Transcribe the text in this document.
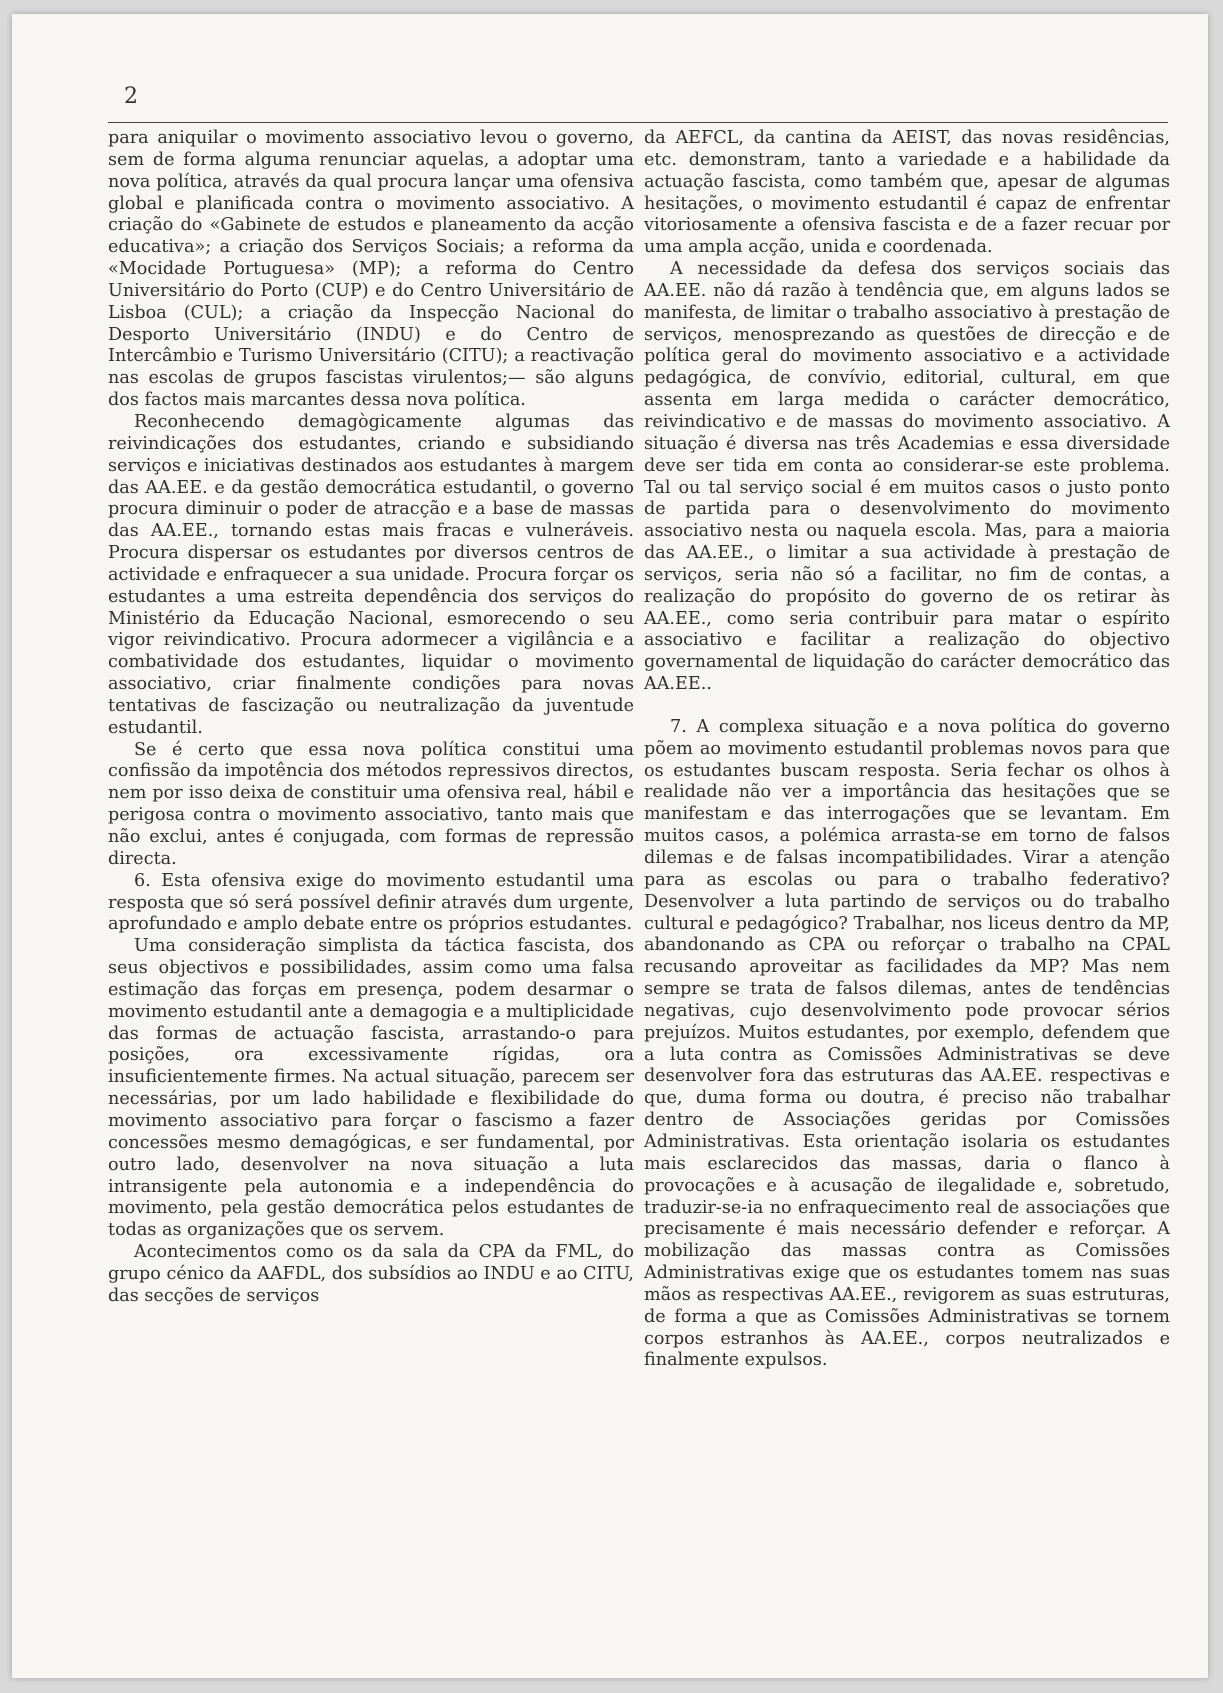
2

para aniquilar o movimento associativo levou o governo, sem de forma alguma renunciar aquelas, a adoptar uma nova política, através da qual procura lançar uma ofensiva global e planificada contra o movimento associativo. A criação do «Gabinete de estudos e planeamento da acção educativa»; a criação dos Serviços Sociais; a reforma da «Mocidade Portuguesa» (MP); a reforma do Centro Universitário do Porto (CUP) e do Centro Universitário de Lisboa (CUL); a criação da Inspecção Nacional do Desporto Universitário (INDU) e do Centro de Intercâmbio e Turismo Universitário (CITU); a reactivação nas escolas de grupos fascistas virulentos;— são alguns dos factos mais marcantes dessa nova política.

Reconhecendo demagògicamente algumas das reivindicações dos estudantes, criando e subsidiando serviços e iniciativas destinados aos estudantes à margem das AA.EE. e da gestão democrática estudantil, o governo procura diminuir o poder de atracção e a base de massas das AA.EE., tornando estas mais fracas e vulneráveis. Procura dispersar os estudantes por diversos centros de actividade e enfraquecer a sua unidade. Procura forçar os estudantes a uma estreita dependência dos serviços do Ministério da Educação Nacional, esmorecendo o seu vigor reivindicativo. Procura adormecer a vigilância e a combatividade dos estudantes, liquidar o movimento associativo, criar finalmente condições para novas tentativas de fascização ou neutralização da juventude estudantil.

Se é certo que essa nova política constitui uma confissão da impotência dos métodos repressivos directos, nem por isso deixa de constituir uma ofensiva real, hábil e perigosa contra o movimento associativo, tanto mais que não exclui, antes é conjugada, com formas de repressão directa.

6. Esta ofensiva exige do movimento estudantil uma resposta que só será possível definir através dum urgente, aprofundado e amplo debate entre os próprios estudantes.

Uma consideração simplista da táctica fascista, dos seus objectivos e possibilidades, assim como uma falsa estimação das forças em presença, podem desarmar o movimento estudantil ante a demagogia e a multiplicidade das formas de actuação fascista, arrastando-o para posições, ora excessivamente rígidas, ora insuficientemente firmes. Na actual situação, parecem ser necessárias, por um lado habilidade e flexibilidade do movimento associativo para forçar o fascismo a fazer concessões mesmo demagógicas, e ser fundamental, por outro lado, desenvolver na nova situação a luta intransigente pela autonomia e a independência do movimento, pela gestão democrática pelos estudantes de todas as organizações que os servem.

Acontecimentos como os da sala da CPA da FML, do grupo cénico da AAFDL, dos subsídios ao INDU e ao CITU, das secções de serviços

da AEFCL, da cantina da AEIST, das novas residências, etc. demonstram, tanto a variedade e a habilidade da actuação fascista, como também que, apesar de algumas hesitações, o movimento estudantil é capaz de enfrentar vitoriosamente a ofensiva fascista e de a fazer recuar por uma ampla acção, unida e coordenada.

A necessidade da defesa dos serviços sociais das AA.EE. não dá razão à tendência que, em alguns lados se manifesta, de limitar o trabalho associativo à prestação de serviços, menosprezando as questões de direcção e de política geral do movimento associativo e a actividade pedagógica, de convívio, editorial, cultural, em que assenta em larga medida o carácter democrático, reivindicativo e de massas do movimento associativo. A situação é diversa nas três Academias e essa diversidade deve ser tida em conta ao considerar-se este problema. Tal ou tal serviço social é em muitos casos o justo ponto de partida para o desenvolvimento do movimento associativo nesta ou naquela escola. Mas, para a maioria das AA.EE., o limitar a sua actividade à prestação de serviços, seria não só a facilitar, no fim de contas, a realização do propósito do governo de os retirar às AA.EE., como seria contribuir para matar o espírito associativo e facilitar a realização do objectivo governamental de liquidação do carácter democrático das AA.EE..

7. A complexa situação e a nova política do governo põem ao movimento estudantil problemas novos para que os estudantes buscam resposta. Seria fechar os olhos à realidade não ver a importância das hesitações que se manifestam e das interrogações que se levantam. Em muitos casos, a polémica arrasta-se em torno de falsos dilemas e de falsas incompatibilidades. Virar a atenção para as escolas ou para o trabalho federativo? Desenvolver a luta partindo de serviços ou do trabalho cultural e pedagógico? Trabalhar, nos liceus dentro da MP, abandonando as CPA ou reforçar o trabalho na CPAL recusando aproveitar as facilidades da MP? Mas nem sempre se trata de falsos dilemas, antes de tendências negativas, cujo desenvolvimento pode provocar sérios prejuízos. Muitos estudantes, por exemplo, defendem que a luta contra as Comissões Administrativas se deve desenvolver fora das estruturas das AA.EE. respectivas e que, duma forma ou doutra, é preciso não trabalhar dentro de Associações geridas por Comissões Administrativas. Esta orientação isolaria os estudantes mais esclarecidos das massas, daria o flanco à provocações e à acusação de ilegalidade e, sobretudo, traduzir-se-ia no enfraquecimento real de associações que precisamente é mais necessário defender e reforçar. A mobilização das massas contra as Comissões Administrativas exige que os estudantes tomem nas suas mãos as respectivas AA.EE., revigorem as suas estruturas, de forma a que as Comissões Administrativas se tornem corpos estranhos às AA.EE., corpos neutralizados e finalmente expulsos.
